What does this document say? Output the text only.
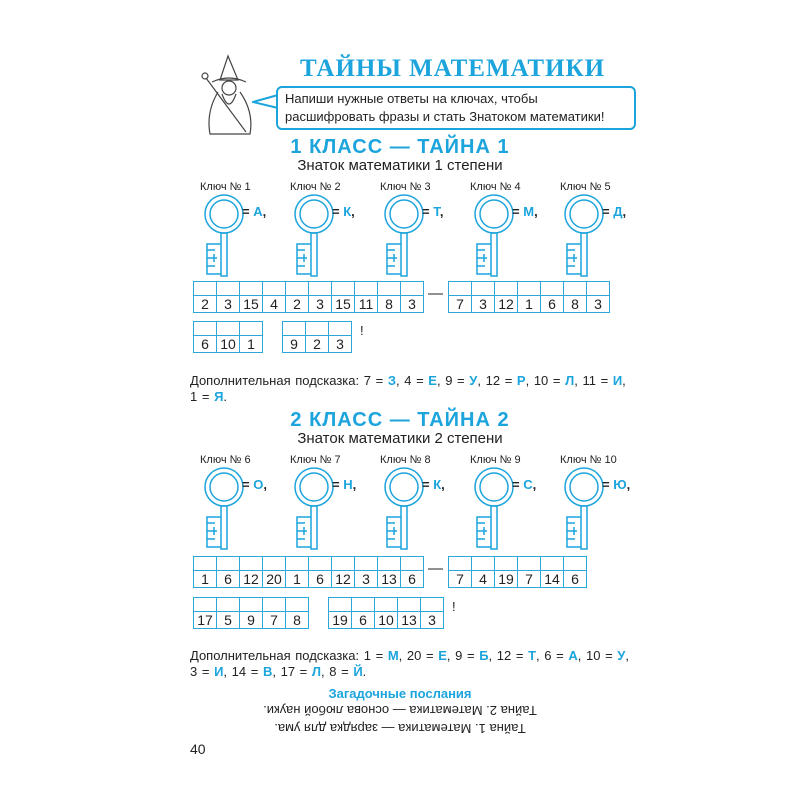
ТАЙНЫ МАТЕМАТИКИ
Напиши нужные ответы на ключах, чтобы расшифровать фразы и стать Знатоком математики!
1 КЛАСС — ТАЙНА 1
Знаток математики 1 степени
Ключ № 1
= А,
Ключ № 2
= К,
Ключ № 3
= Т,
Ключ № 4
= М,
Ключ № 5
= Д,
2	3 15 4	2	3 15 11 8	3
—
7	3 12 1	6	8	3
6 10 1	9	2	3
!
Дополнительная подсказка: 7 = З, 4 = Е, 9 = У, 12 = Р, 10 = Л, 11 = И, 1 = Я.
2 КЛАСС — ТАЙНА 2
Знаток математики 2 степени
Ключ № 6
= О,
Ключ № 7
= Н,
Ключ № 8
= К,
Ключ № 9
= С,
Ключ № 10
= Ю,
1	6 12 20 1	6 12 3 13 6
—
7	4 19 7 14 6
17 5	9	7	8	19 6 10 13 3
!
Дополнительная подсказка: 1 = М, 20 = Е, 9 = Б, 12 = Т, 6 = А, 10 = У, 3 = И, 14 = В, 17 = Л, 8 = Й.
Загадочные послания
Тайна 2. Математика — основа любой науки.
Тайна 1. Математика — зарядка для ума.
40
